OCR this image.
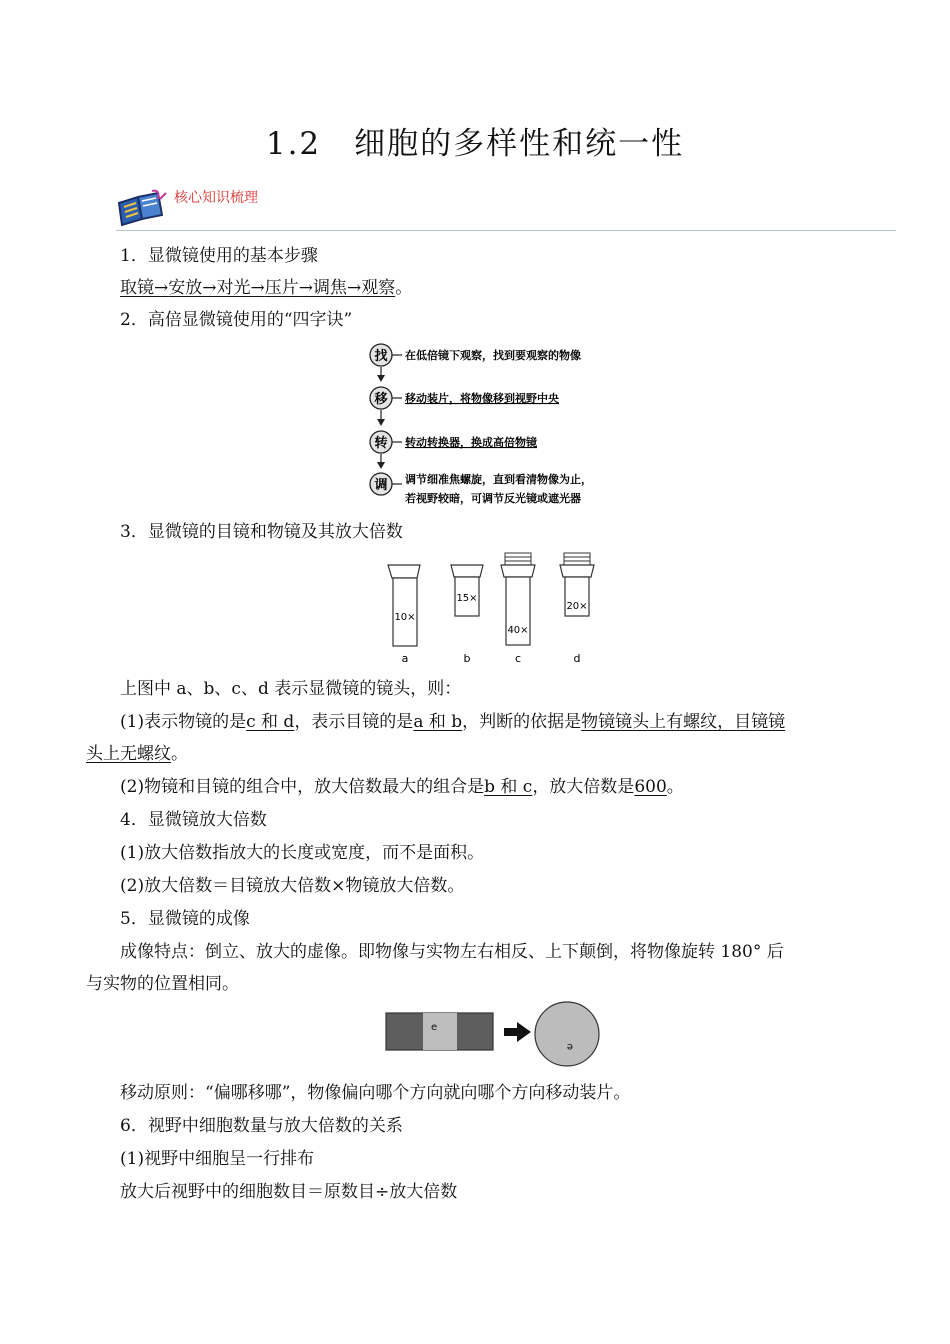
1.2　细胞的多样性和统一性
核心知识梳理
1．显微镜使用的基本步骤
取镜→安放→对光→压片→调焦→观察。
2．高倍显微镜使用的“四字诀”
找 在低倍镜下观察，找到要观察的物像
移 移动装片，将物像移到视野中央
转 转动转换器，换成高倍物镜
调 调节细准焦螺旋，直到看清物像为止，
若视野较暗，可调节反光镜或遮光器
3．显微镜的目镜和物镜及其放大倍数
10×
a
15×
b
40×
c
20×
d
上图中 a、b、c、d 表示显微镜的镜头，则：
(1)表示物镜的是c 和 d，表示目镜的是a 和 b，判断的依据是物镜镜头上有螺纹，目镜镜
头上无螺纹。
(2)物镜和目镜的组合中，放大倍数最大的组合是b 和 c，放大倍数是600。
4．显微镜放大倍数
(1)放大倍数指放大的长度或宽度，而不是面积。
(2)放大倍数＝目镜放大倍数×物镜放大倍数。
5．显微镜的成像
成像特点：倒立、放大的虚像。即物像与实物左右相反、上下颠倒，将物像旋转 180° 后
与实物的位置相同。
e
e
移动原则：“偏哪移哪”，物像偏向哪个方向就向哪个方向移动装片。
6．视野中细胞数量与放大倍数的关系
(1)视野中细胞呈一行排布
放大后视野中的细胞数目＝原数目÷放大倍数
